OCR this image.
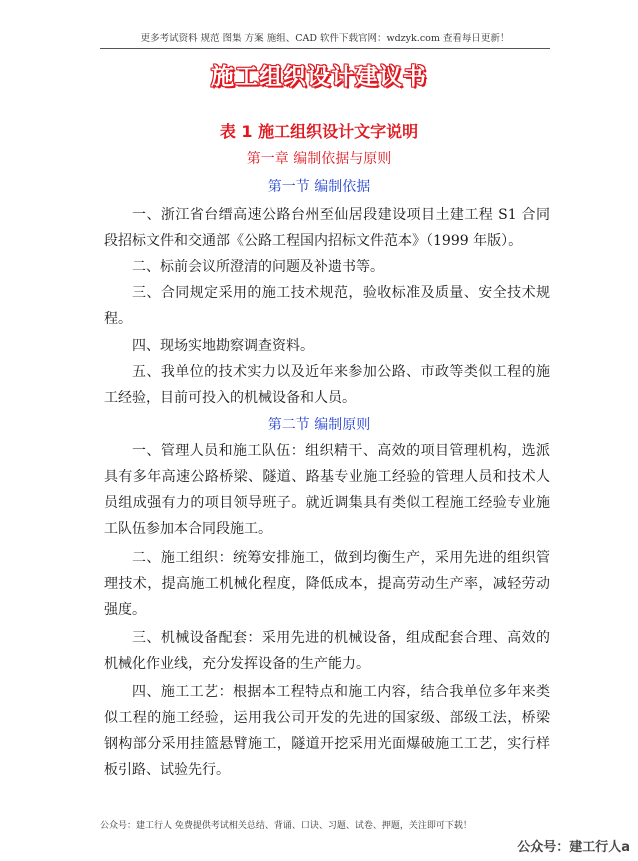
更多考试资料 规范 图集 方案 施组、CAD 软件下载官网：wdzyk.com 查看每日更新！
施工组织设计建议书
表 1 施工组织设计文字说明
第一章 编制依据与原则
第一节 编制依据

一、浙江省台缙高速公路台州至仙居段建设项目土建工程 S1 合同段招标文件和交通部《公路工程国内招标文件范本》（1999 年版）。

二、标前会议所澄清的问题及补遗书等。

三、合同规定采用的施工技术规范，验收标准及质量、安全技术规程。

四、现场实地勘察调查资料。

五、我单位的技术实力以及近年来参加公路、市政等类似工程的施工经验，目前可投入的机械设备和人员。

第二节 编制原则

一、管理人员和施工队伍：组织精干、高效的项目管理机构，选派具有多年高速公路桥梁、隧道、路基专业施工经验的管理人员和技术人员组成强有力的项目领导班子。就近调集具有类似工程施工经验专业施工队伍参加本合同段施工。

二、施工组织：统筹安排施工，做到均衡生产，采用先进的组织管理技术，提高施工机械化程度，降低成本，提高劳动生产率，减轻劳动强度。

三、机械设备配套：采用先进的机械设备，组成配套合理、高效的机械化作业线，充分发挥设备的生产能力。

四、施工工艺：根据本工程特点和施工内容，结合我单位多年来类似工程的施工经验，运用我公司开发的先进的国家级、部级工法，桥梁钢构部分采用挂篮悬臂施工，隧道开挖采用光面爆破施工工艺，实行样板引路、试验先行。

公众号：建工行人 免费提供考试相关总结、背诵、口诀、习题、试卷、押题，关注即可下载！
公众号：建工行人a
